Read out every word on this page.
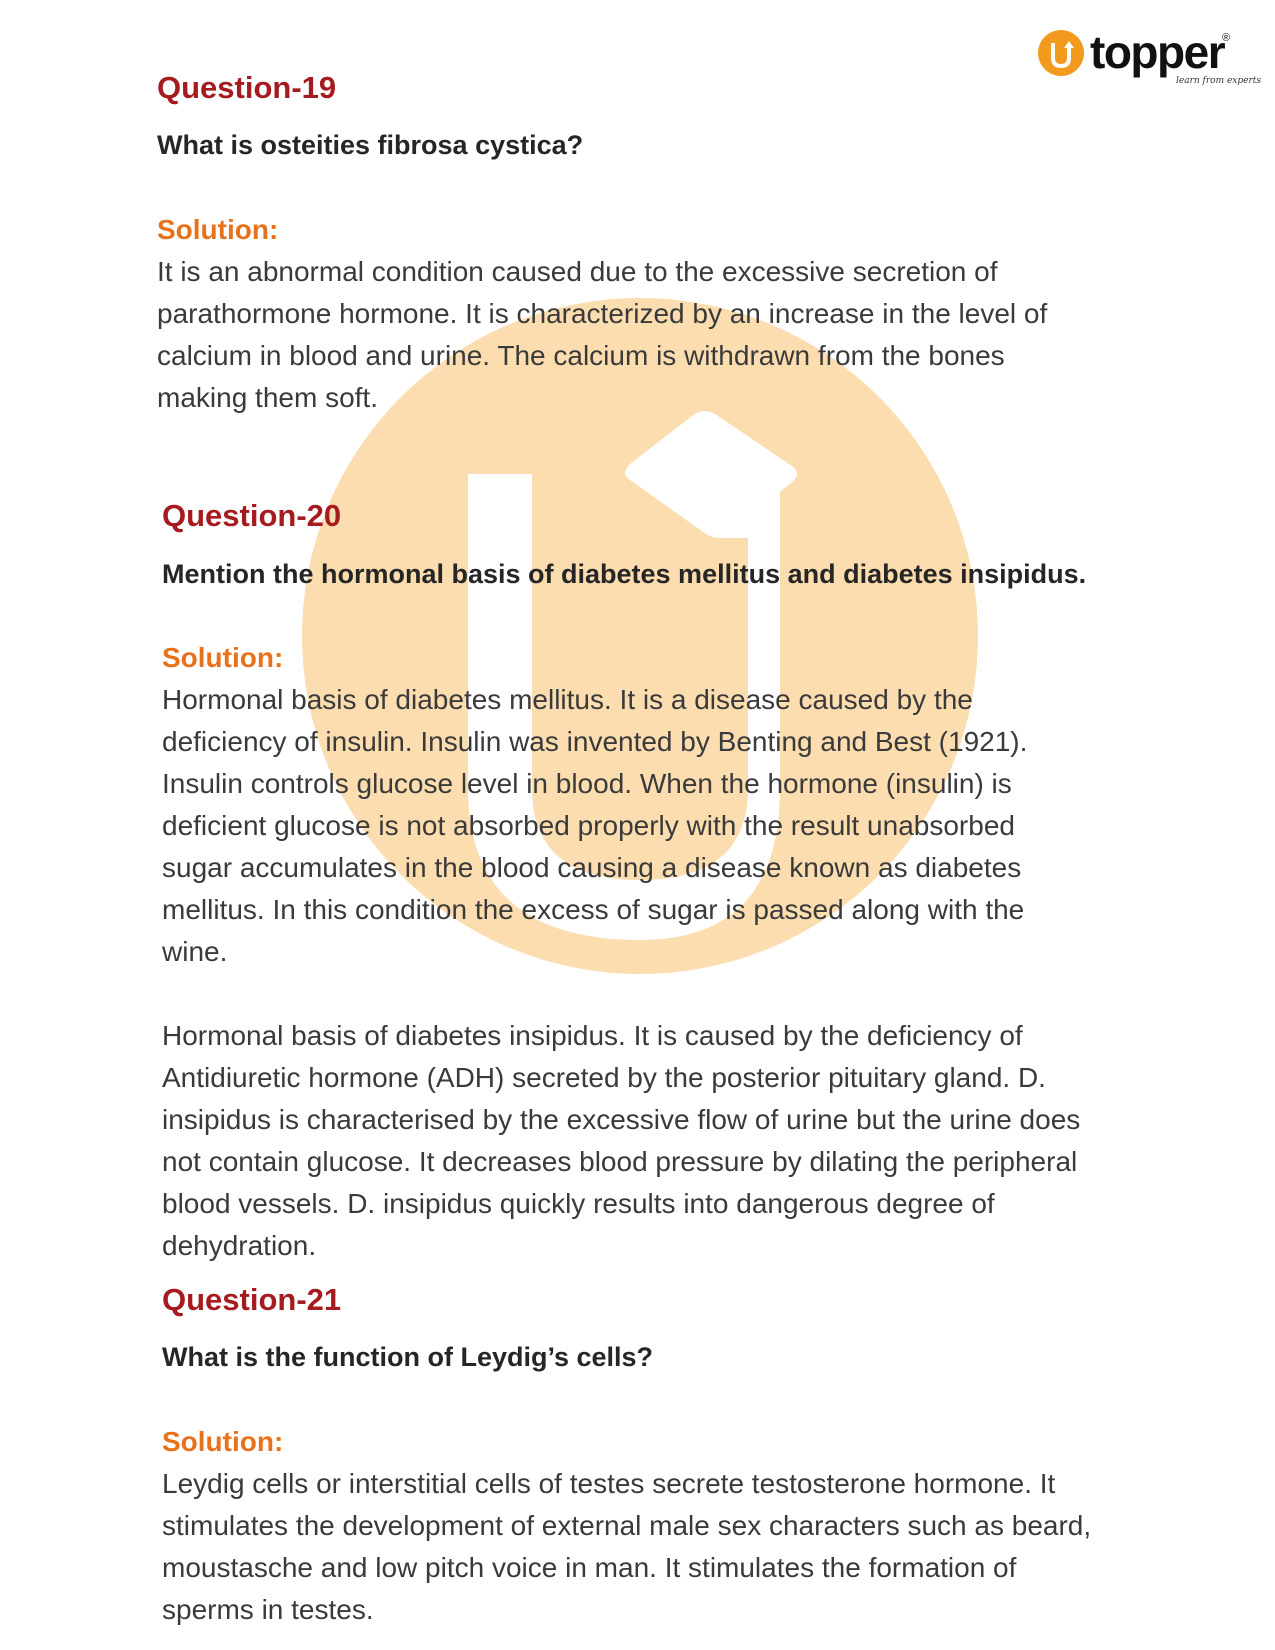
topper
®
learn from experts
Question-19

What is osteities fibrosa cystica?

Solution:

It is an abnormal condition caused due to the excessive secretion of

parathormone hormone. It is characterized by an increase in the level of

calcium in blood and urine. The calcium is withdrawn from the bones

making them soft.

Question-20

Mention the hormonal basis of diabetes mellitus and diabetes insipidus.

Solution:

Hormonal basis of diabetes mellitus. It is a disease caused by the

deficiency of insulin. Insulin was invented by Benting and Best (1921).

Insulin controls glucose level in blood. When the hormone (insulin) is

deficient glucose is not absorbed properly with the result unabsorbed

sugar accumulates in the blood causing a disease known as diabetes

mellitus. In this condition the excess of sugar is passed along with the

wine.

Hormonal basis of diabetes insipidus. It is caused by the deficiency of

Antidiuretic hormone (ADH) secreted by the posterior pituitary gland. D.

insipidus is characterised by the excessive flow of urine but the urine does

not contain glucose. It decreases blood pressure by dilating the peripheral

blood vessels. D. insipidus quickly results into dangerous degree of

dehydration.

Question-21

What is the function of Leydig’s cells?

Solution:

Leydig cells or interstitial cells of testes secrete testosterone hormone. It

stimulates the development of external male sex characters such as beard,

moustasche and low pitch voice in man. It stimulates the formation of

sperms in testes.
